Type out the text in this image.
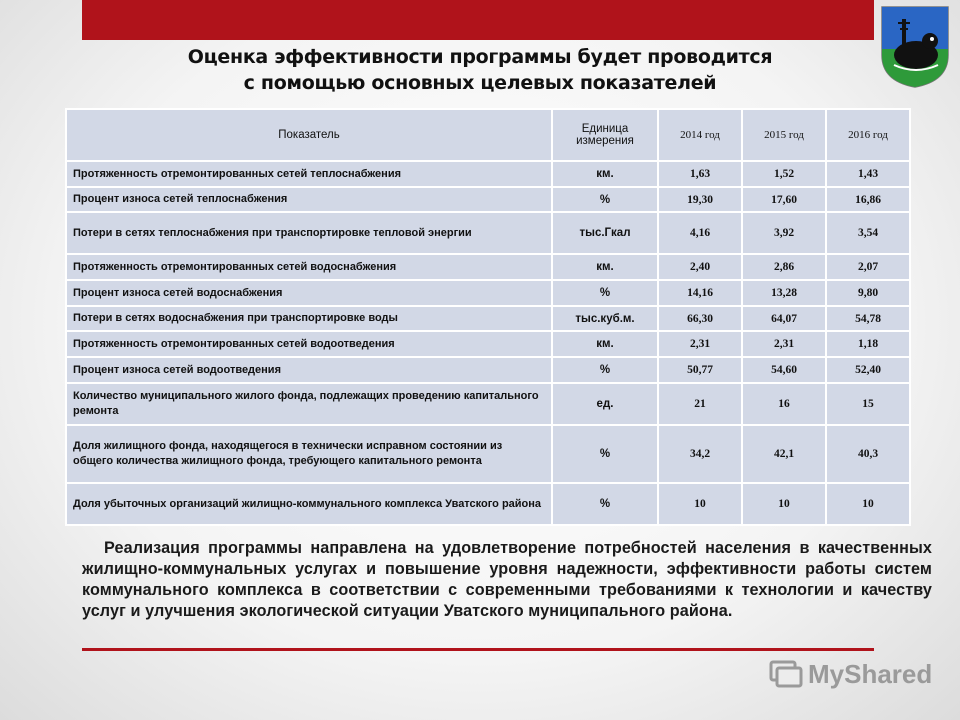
Оценка эффективности программы будет проводится
с помощью основных целевых показателей
Показатель	Единица измерения	2014 год	2015 год	2016 год
Протяженность отремонтированных сетей теплоснабжения	км.	1,63	1,52	1,43
Процент износа сетей теплоснабжения	%	19,30	17,60	16,86
Потери в сетях теплоснабжения при транспортировке тепловой энергии	тыс.Гкал	4,16	3,92	3,54
Протяженность отремонтированных сетей водоснабжения	км.	2,40	2,86	2,07
Процент износа сетей водоснабжения	%	14,16	13,28	9,80
Потери в сетях водоснабжения при транспортировке воды	тыс.куб.м.	66,30	64,07	54,78
Протяженность отремонтированных сетей водоотведения	км.	2,31	2,31	1,18
Процент износа сетей водоотведения	%	50,77	54,60	52,40
Количество муниципального жилого фонда, подлежащих проведению капитального ремонта	ед.	21	16	15
Доля жилищного фонда, находящегося в технически исправном состоянии из общего количества жилищного фонда, требующего капитального ремонта	%	34,2	42,1	40,3
Доля убыточных организаций жилищно-коммунального комплекса Уватского района	%	10	10	10
Реализация программы направлена на удовлетворение потребностей населения в качественных жилищно-коммунальных услугах и повышение уровня надежности, эффективности работы систем коммунального комплекса в соответствии с современными требованиями к технологии и качеству услуг и улучшения экологической ситуации Уватского муниципального района.
MyShared
